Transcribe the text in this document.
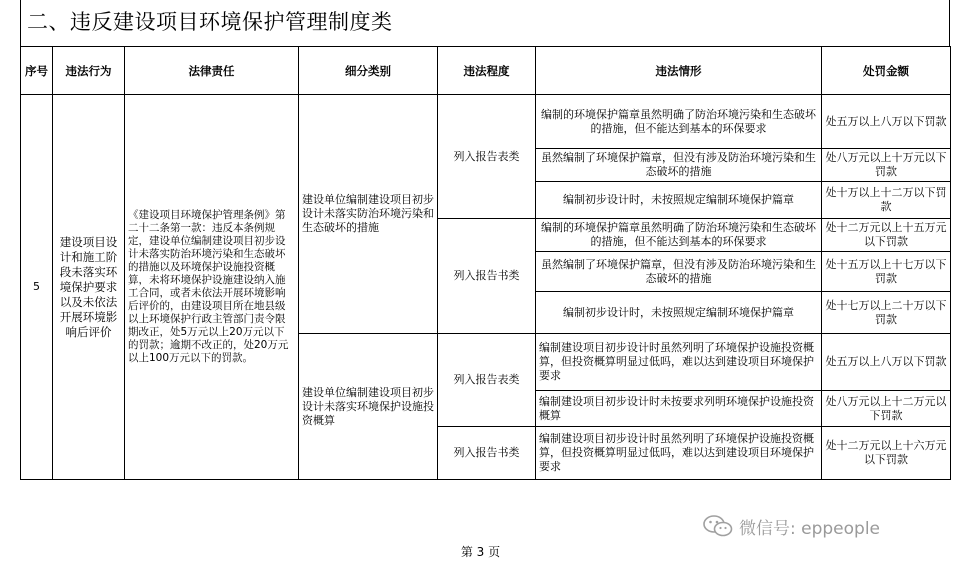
二、违反建设项目环境保护管理制度类
序号	违法行为	法律责任	细分类别	违法程度	违法情形	处罚金额
5	建设项目设计和施工阶段未落实环境保护要求以及未依法开展环境影响后评价	《建设项目环境保护管理条例》第二十二条第一款：违反本条例规定，建设单位编制建设项目初步设计未落实防治环境污染和生态破坏的措施以及环境保护设施投资概算，未将环境保护设施建设纳入施工合同，或者未依法开展环境影响后评价的，由建设项目所在地县级以上环境保护行政主管部门责令限期改正，处5万元以上20万元以下的罚款；逾期不改正的，处20万元以上100万元以下的罚款。	建设单位编制建设项目初步设计未落实防治环境污染和生态破坏的措施	列入报告表类	编制的环境保护篇章虽然明确了防治环境污染和生态破坏的措施，但不能达到基本的环保要求	处五万以上八万以下罚款
					虽然编制了环境保护篇章，但没有涉及防治环境污染和生态破坏的措施	处八万元以上十万元以下罚款
					编制初步设计时，未按照规定编制环境保护篇章	处十万以上十二万以下罚款
				列入报告书类	编制的环境保护篇章虽然明确了防治环境污染和生态破坏的措施，但不能达到基本的环保要求	处十二万元以上十五万元以下罚款
					虽然编制了环境保护篇章，但没有涉及防治环境污染和生态破坏的措施	处十五万以上十七万以下罚款
					编制初步设计时，未按照规定编制环境保护篇章	处十七万以上二十万以下罚款
			建设单位编制建设项目初步设计未落实环境保护设施投资概算	列入报告表类	编制建设项目初步设计时虽然列明了环境保护设施投资概算，但投资概算明显过低吗，难以达到建设项目环境保护要求	处五万以上八万以下罚款
					编制建设项目初步设计时未按要求列明环境保护设施投资概算	处八万元以上十二万元以下罚款
				列入报告书类	编制建设项目初步设计时虽然列明了环境保护设施投资概算，但投资概算明显过低吗，难以达到建设项目环境保护要求	处十二万元以上十六万元以下罚款
微信号: eppeople
第 3 页
